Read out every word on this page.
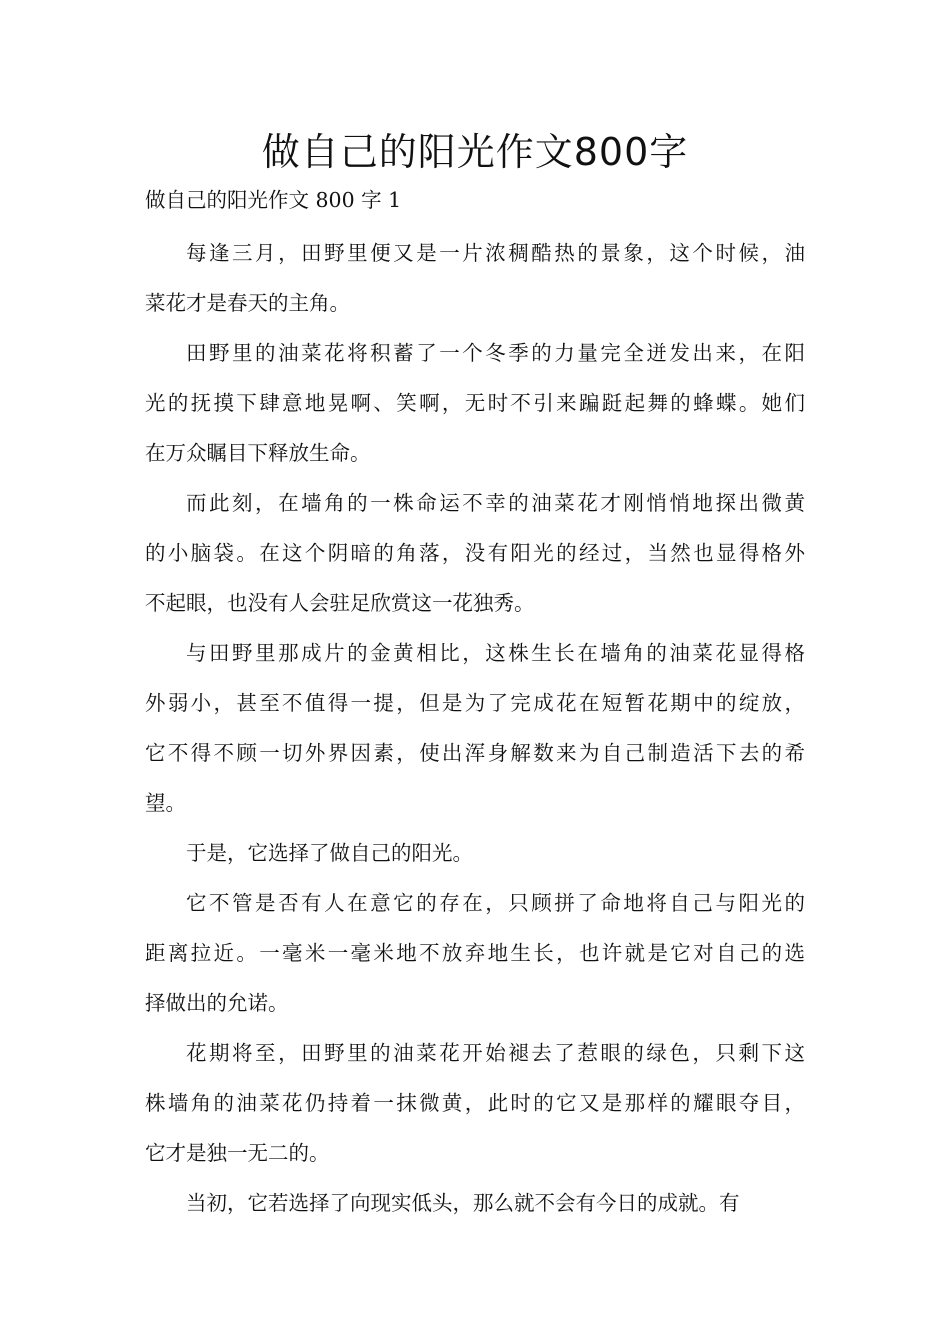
做自己的阳光作文800字

做自己的阳光作文 800 字 1

每逢三月，田野里便又是一片浓稠酷热的景象，这个时候，油
菜花才是春天的主角。

田野里的油菜花将积蓄了一个冬季的力量完全迸发出来，在阳
光的抚摸下肆意地晃啊、笑啊，无时不引来蹁跹起舞的蜂蝶。她们
在万众瞩目下释放生命。

而此刻，在墙角的一株命运不幸的油菜花才刚悄悄地探出微黄
的小脑袋。在这个阴暗的角落，没有阳光的经过，当然也显得格外
不起眼，也没有人会驻足欣赏这一花独秀。

与田野里那成片的金黄相比，这株生长在墙角的油菜花显得格
外弱小，甚至不值得一提，但是为了完成花在短暂花期中的绽放，
它不得不顾一切外界因素，使出浑身解数来为自己制造活下去的希
望。

于是，它选择了做自己的阳光。

它不管是否有人在意它的存在，只顾拼了命地将自己与阳光的
距离拉近。一毫米一毫米地不放弃地生长，也许就是它对自己的选
择做出的允诺。

花期将至，田野里的油菜花开始褪去了惹眼的绿色，只剩下这
株墙角的油菜花仍持着一抹微黄，此时的它又是那样的耀眼夺目，
它才是独一无二的。

当初，它若选择了向现实低头，那么就不会有今日的成就。有
